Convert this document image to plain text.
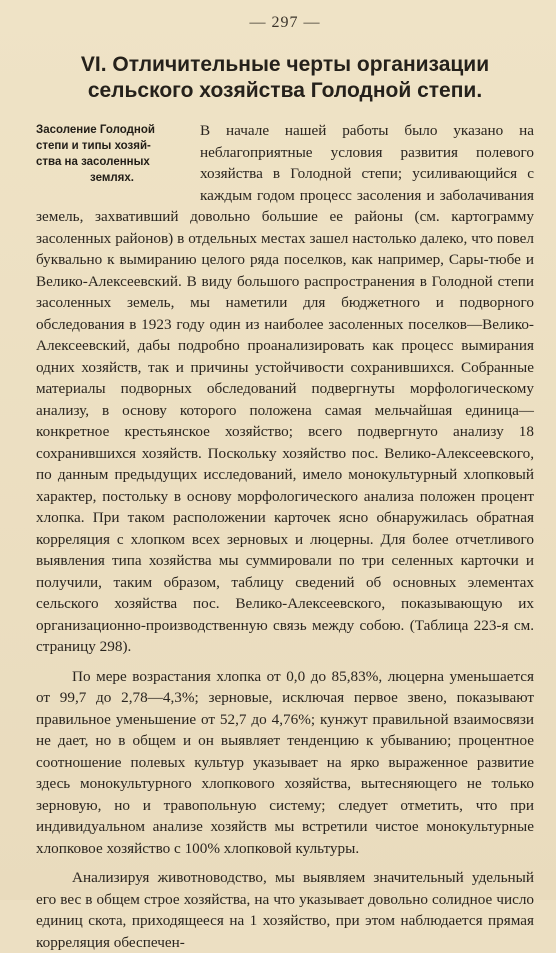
— 297 —
VI. Отличительные черты организации сельского хозяйства Голодной степи.
Засоление Голодной
степи и типы хозяй-
ства на засоленных
землях.

В начале нашей работы было указано на неблагоприятные условия развития полевого хозяйства в Голодной степи; усиливающийся с каждым годом процесс засоления и заболачивания земель, захвативший довольно большие ее районы (см. картограмму засоленных районов) в отдельных местах зашел настолько далеко, что повел буквально к вымиранию целого ряда поселков, как например, Сары-тюбе и Велико-Алексеевский. В виду большого распространения в Голодной степи засоленных земель, мы наметили для бюджетного и подворного обследования в 1923 году один из наиболее засоленных поселков—Велико-Алексеевский, дабы подробно проанализировать как процесс вымирания одних хозяйств, так и причины устойчивости сохранившихся. Собранные материалы подворных обследований подвергнуты морфологическому анализу, в основу которого положена самая мельчайшая единица—конкретное крестьянское хозяйство; всего подвергнуто анализу 18 сохранившихся хозяйств. Поскольку хозяйство пос. Велико-Алексеевского, по данным предыдущих исследований, имело монокультурный хлопковый характер, постольку в основу морфологического анализа положен процент хлопка. При таком расположении карточек ясно обнаружилась обратная корреляция с хлопком всех зерновых и люцерны. Для более отчетливого выявления типа хозяйства мы суммировали по три селенных карточки и получили, таким образом, таблицу сведений об основных элементах сельского хозяйства пос. Велико-Алексеевского, показывающую их организационно-производственную связь между собою. (Таблица 223-я см. страницу 298).

По мере возрастания хлопка от 0,0 до 85,83%, люцерна уменьшается от 99,7 до 2,78—4,3%; зерновые, исключая первое звено, показывают правильное уменьшение от 52,7 до 4,76%; кунжут правильной взаимосвязи не дает, но в общем и он выявляет тенденцию к убыванию; процентное соотношение полевых культур указывает на ярко выраженное развитие здесь монокультурного хлопкового хозяйства, вытесняющего не только зерновую, но и травопольную систему; следует отметить, что при индивидуальном анализе хозяйств мы встретили чистое монокультурные хлопковое хозяйство с 100% хлопковой культуры.

Анализируя животноводство, мы выявляем значительный удельный его вес в общем строе хозяйства, на что указывает довольно солидное число единиц скота, приходящееся на 1 хозяйство, при этом наблюдается прямая корреляция обеспечен-
